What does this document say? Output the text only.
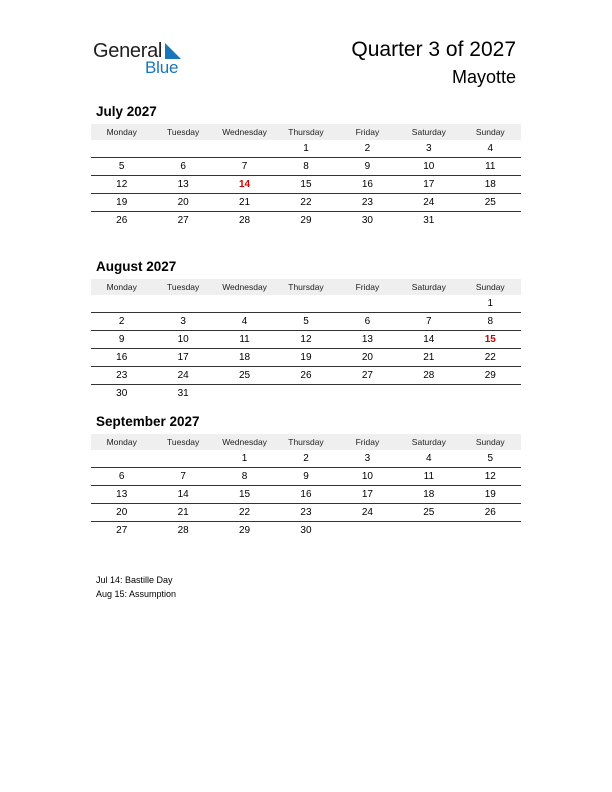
General
Blue
Quarter 3 of 2027
Mayotte
July 2027
Monday	Tuesday	Wednesday	Thursday	Friday	Saturday	Sunday
			1	2	3	4
5	6	7	8	9	10	11
12	13	14	15	16	17	18
19	20	21	22	23	24	25
26	27	28	29	30	31	
August 2027
Monday	Tuesday	Wednesday	Thursday	Friday	Saturday	Sunday
						1
2	3	4	5	6	7	8
9	10	11	12	13	14	15
16	17	18	19	20	21	22
23	24	25	26	27	28	29
30	31					
September 2027
Monday	Tuesday	Wednesday	Thursday	Friday	Saturday	Sunday
		1	2	3	4	5
6	7	8	9	10	11	12
13	14	15	16	17	18	19
20	21	22	23	24	25	26
27	28	29	30			
Jul 14: Bastille Day
Aug 15: Assumption
